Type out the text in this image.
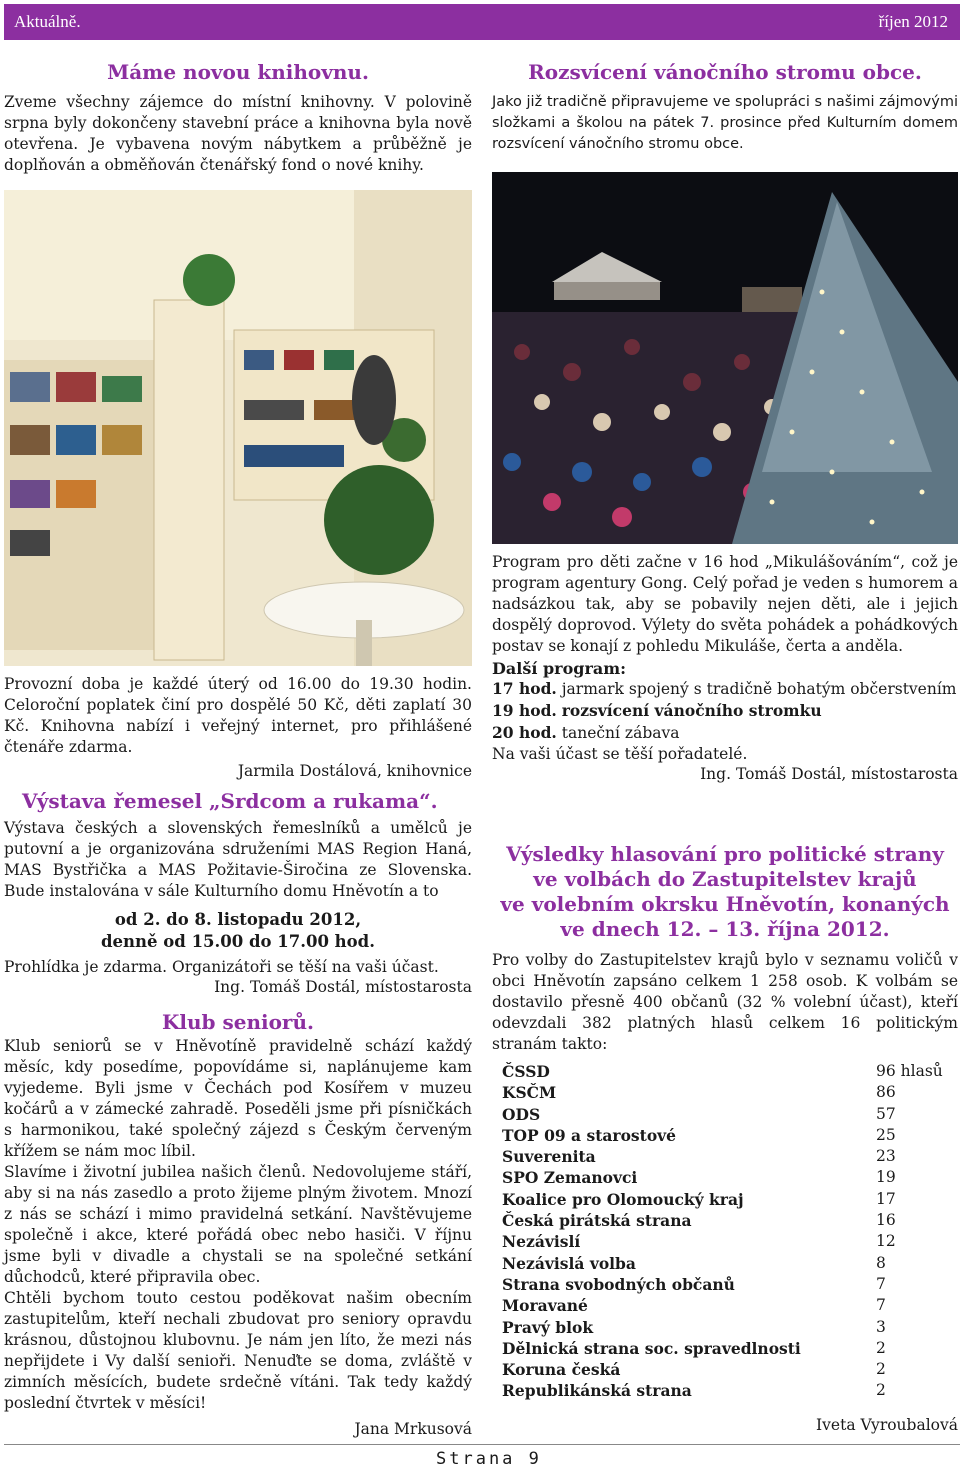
Aktuálně.	říjen 2012
Máme novou knihovnu.

Zveme všechny zájemce do místní knihovny. V polovině srpna byly dokončeny stavební práce a knihovna byla nově otevřena. Je vybavena novým nábytkem a průběžně je doplňován a obměňován čtenářský fond o nové knihy.

Provozní doba je každé úterý od 16.00 do 19.30 hodin. Celoroční poplatek činí pro dospělé 50 Kč, děti zaplatí 30 Kč. Knihovna nabízí i veřejný internet, pro přihlášené čtenáře zdarma.

Jarmila Dostálová, knihovnice
Výstava řemesel „Srdcom a rukama“.

Výstava českých a slovenských řemeslníků a umělců je putovní a je organizována sdruženími MAS Region Haná, MAS Bystřička a MAS Požitavie-Širočina ze Slovenska. Bude instalována v sále Kulturního domu Hněvotín a to

od 2. do 8. listopadu 2012,
denně od 15.00 do 17.00 hod.

Prohlídka je zdarma. Organizátoři se těší na vaši účast.

Ing. Tomáš Dostál, místostarosta
Klub seniorů.

Klub seniorů se v Hněvotíně pravidelně schází každý měsíc, kdy posedíme, popovídáme si, naplánujeme kam vyjedeme. Byli jsme v Čechách pod Kosířem v muzeu kočárů a v zámecké zahradě. Poseděli jsme při písničkách s harmonikou, také společný zájezd s Českým červeným křížem se nám moc líbil.

Slavíme i životní jubilea našich členů. Nedovolujeme stáří, aby si na nás zasedlo a proto žijeme plným životem. Mnozí z nás se schází i mimo pravidelná setkání. Navštěvujeme společně i akce, které pořádá obec nebo hasiči. V říjnu jsme byli v divadle a chystali se na společné setkání důchodců, které připravila obec.

Chtěli bychom touto cestou poděkovat našim obecním zastupitelům, kteří nechali zbudovat pro seniory opravdu krásnou, důstojnou klubovnu. Je nám jen líto, že mezi nás nepřijdete i Vy další senioři. Nenuďte se doma, zvláště v zimních měsících, budete srdečně vítáni. Tak tedy každý poslední čtvrtek v měsíci!

Jana Mrkusová
Rozsvícení vánočního stromu obce.

Jako již tradičně připravujeme ve spolupráci s našimi zájmovými složkami a školou na pátek 7. prosince před Kulturním domem rozsvícení vánočního stromu obce.

Program pro děti začne v 16 hod „Mikulášováním“, což je program agentury Gong. Celý pořad je veden s humorem a nadsázkou tak, aby se pobavily nejen děti, ale i jejich dospělý doprovod. Výlety do světa pohádek a pohádkových postav se konají z pohledu Mikuláše, čerta a anděla.

Další program:

17 hod. jarmark spojený s tradičně bohatým občerstvením

19 hod. rozsvícení vánočního stromku

20 hod. taneční zábava

Na vaši účast se těší pořadatelé.

Ing. Tomáš Dostál, místostarosta
Výsledky hlasování pro politické strany
ve volbách do Zastupitelstev krajů
ve volebním okrsku Hněvotín, konaných
ve dnech 12. – 13. října 2012.

Pro volby do Zastupitelstev krajů bylo v seznamu voličů v obci Hněvotín zapsáno celkem 1 258 osob. K volbám se dostavilo přesně 400 občanů (32 % volební účast), kteří odevzdali 382 platných hlasů celkem 16 politickým stranám takto:

ČSSD	96 hlasů
KSČM	86
ODS	57
TOP 09 a starostové	25
Suverenita	23
SPO Zemanovci	19
Koalice pro Olomoucký kraj	17
Česká pirátská strana	16
Nezávislí	12
Nezávislá volba	8
Strana svobodných občanů	7
Moravané	7
Pravý blok	3
Dělnická strana soc. spravedlnosti	2
Koruna česká	2
Republikánská strana	2
Iveta Vyroubalová
Strana 9
